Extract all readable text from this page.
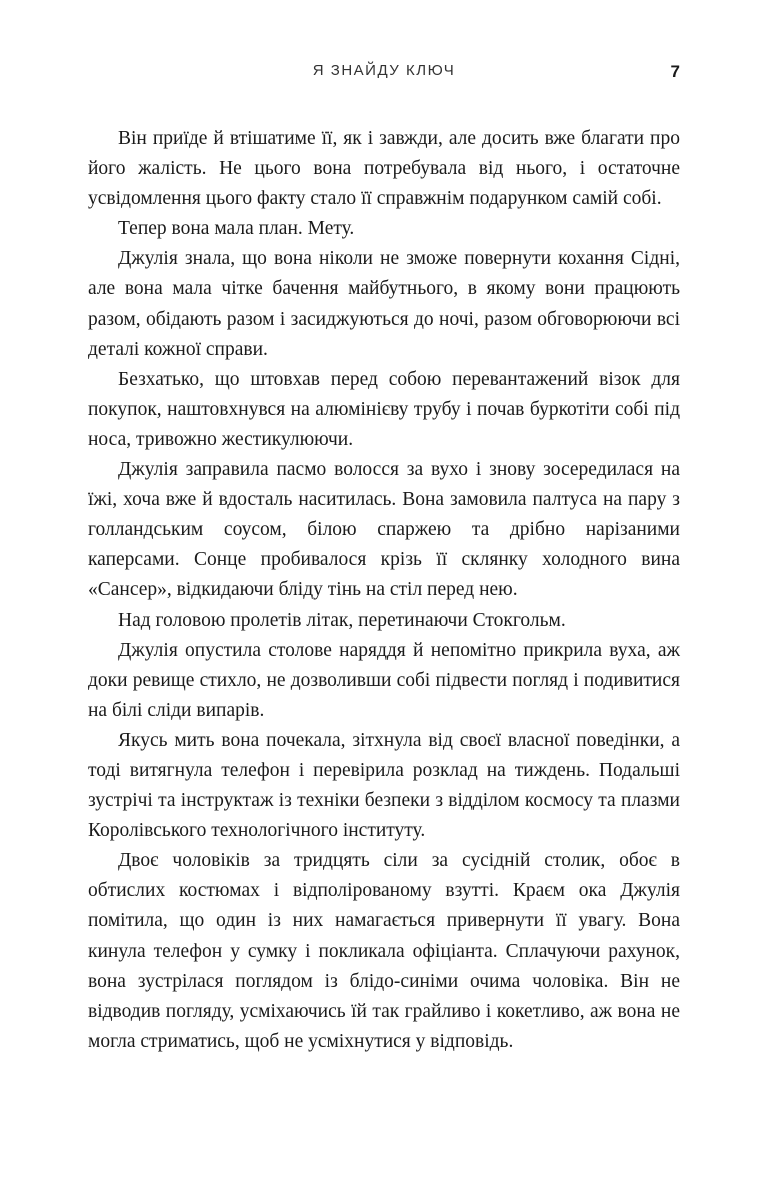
Я ЗНАЙДУ КЛЮЧ	7

Він приїде й втішатиме її, як і завжди, але досить вже благати про його жалість. Не цього вона потребувала від нього, і остаточне усвідомлення цього факту стало її справжнім подарунком самій собі.

Тепер вона мала план. Мету.

Джулія знала, що вона ніколи не зможе повернути кохання Сідні, але вона мала чітке бачення майбутнього, в якому вони працюють разом, обідають разом і засиджуються до ночі, разом обговорюючи всі деталі кожної справи.

Безхатько, що штовхав перед собою перевантажений візок для покупок, наштовхнувся на алюмінієву трубу і почав буркотіти собі під носа, тривожно жестикулюючи.

Джулія заправила пасмо волосся за вухо і знову зосередилася на їжі, хоча вже й вдосталь наситилась. Вона замовила палтуса на пару з голландським соусом, білою спаржею та дрібно нарізаними каперсами. Сонце пробивалося крізь її склянку холодного вина «Сансер», відкидаючи бліду тінь на стіл перед нею.

Над головою пролетів літак, перетинаючи Стокгольм.

Джулія опустила столове наряддя й непомітно прикрила вуха, аж доки ревище стихло, не дозволивши собі підвести погляд і подивитися на білі сліди випарів.

Якусь мить вона почекала, зітхнула від своєї власної поведінки, а тоді витягнула телефон і перевірила розклад на тиждень. Подальші зустрічі та інструктаж із техніки безпеки з відділом космосу та плазми Королівського технологічного інституту.

Двоє чоловіків за тридцять сіли за сусідній столик, обоє в обтислих костюмах і відполірованому взутті. Краєм ока Джулія помітила, що один із них намагається привернути її увагу. Вона кинула телефон у сумку і покликала офіціанта. Сплачуючи рахунок, вона зустрілася поглядом із блідо-синіми очима чоловіка. Він не відводив погляду, усміхаючись їй так грайливо і кокетливо, аж вона не могла стриматись, щоб не усміхнутися у відповідь.
